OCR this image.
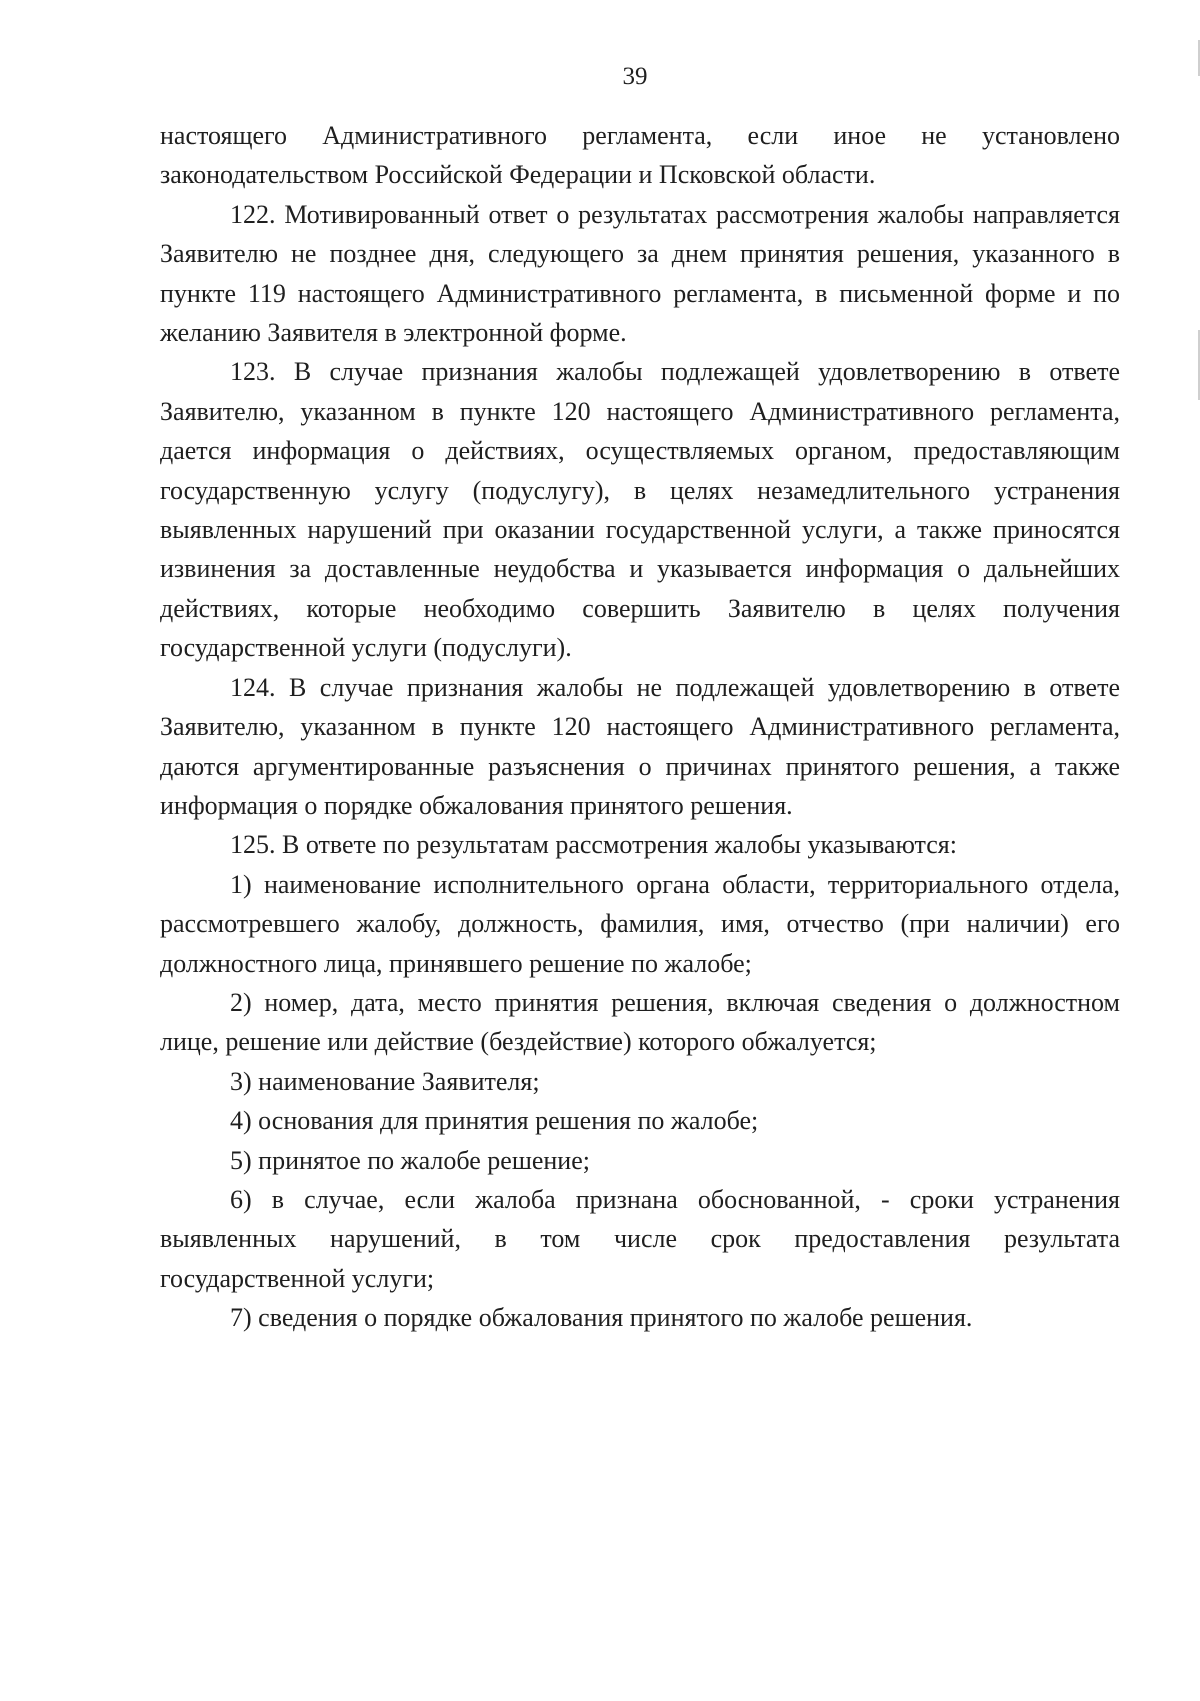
39

настоящего Административного регламента, если иное не установлено законодательством Российской Федерации и Псковской области.

122. Мотивированный ответ о результатах рассмотрения жалобы направляется Заявителю не позднее дня, следующего за днем принятия решения, указанного в пункте 119 настоящего Административного регламента, в письменной форме и по желанию Заявителя в электронной форме.

123. В случае признания жалобы подлежащей удовлетворению в ответе Заявителю, указанном в пункте 120 настоящего Административного регламента, дается информация о действиях, осуществляемых органом, предоставляющим государственную услугу (подуслугу), в целях незамедлительного устранения выявленных нарушений при оказании государственной услуги, а также приносятся извинения за доставленные неудобства и указывается информация о дальнейших действиях, которые необходимо совершить Заявителю в целях получения государственной услуги (подуслуги).

124. В случае признания жалобы не подлежащей удовлетворению в ответе Заявителю, указанном в пункте 120 настоящего Административного регламента, даются аргументированные разъяснения о причинах принятого решения, а также информация о порядке обжалования принятого решения.

125. В ответе по результатам рассмотрения жалобы указываются:

1) наименование исполнительного органа области, территориального отдела, рассмотревшего жалобу, должность, фамилия, имя, отчество (при наличии) его должностного лица, принявшего решение по жалобе;

2) номер, дата, место принятия решения, включая сведения о должностном лице, решение или действие (бездействие) которого обжалуется;

3) наименование Заявителя;

4) основания для принятия решения по жалобе;

5) принятое по жалобе решение;

6) в случае, если жалоба признана обоснованной, - сроки устранения выявленных нарушений, в том числе срок предоставления результата государственной услуги;

7) сведения о порядке обжалования принятого по жалобе решения.
